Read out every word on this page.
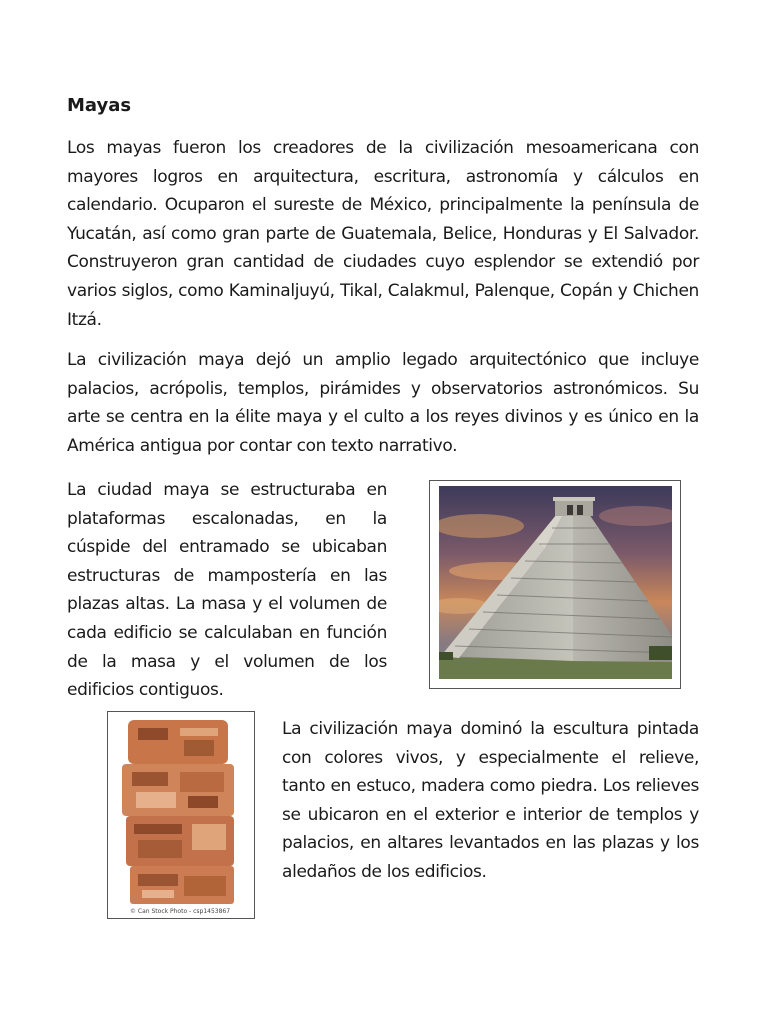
Mayas

Los mayas fueron los creadores de la civilización mesoamericana con mayores logros en arquitectura, escritura, astronomía y cálculos en calendario. Ocuparon el sureste de México, principalmente la península de Yucatán, así como gran parte de Guatemala, Belice, Honduras y El Salvador. Construyeron gran cantidad de ciudades cuyo esplendor se extendió por varios siglos, como Kaminaljuyú, Tikal, Calakmul, Palenque, Copán y Chichen Itzá.

La civilización maya dejó un amplio legado arquitectónico que incluye palacios, acrópolis, templos, pirámides y observatorios astronómicos. Su arte se centra en la élite maya y el culto a los reyes divinos y es único en la América antigua por contar con texto narrativo.

La ciudad maya se estructuraba en plataformas escalonadas, en la cúspide del entramado se ubicaban estructuras de mampostería en las plazas altas. La masa y el volumen de cada edificio se calculaban en función de la masa y el volumen de los edificios contiguos.

© Can Stock Photo - csp1453867

La civilización maya dominó la escultura pintada con colores vivos, y especialmente el relieve, tanto en estuco, madera como piedra. Los relieves se ubicaron en el exterior e interior de templos y palacios, en altares levantados en las plazas y los aledaños de los edificios.
